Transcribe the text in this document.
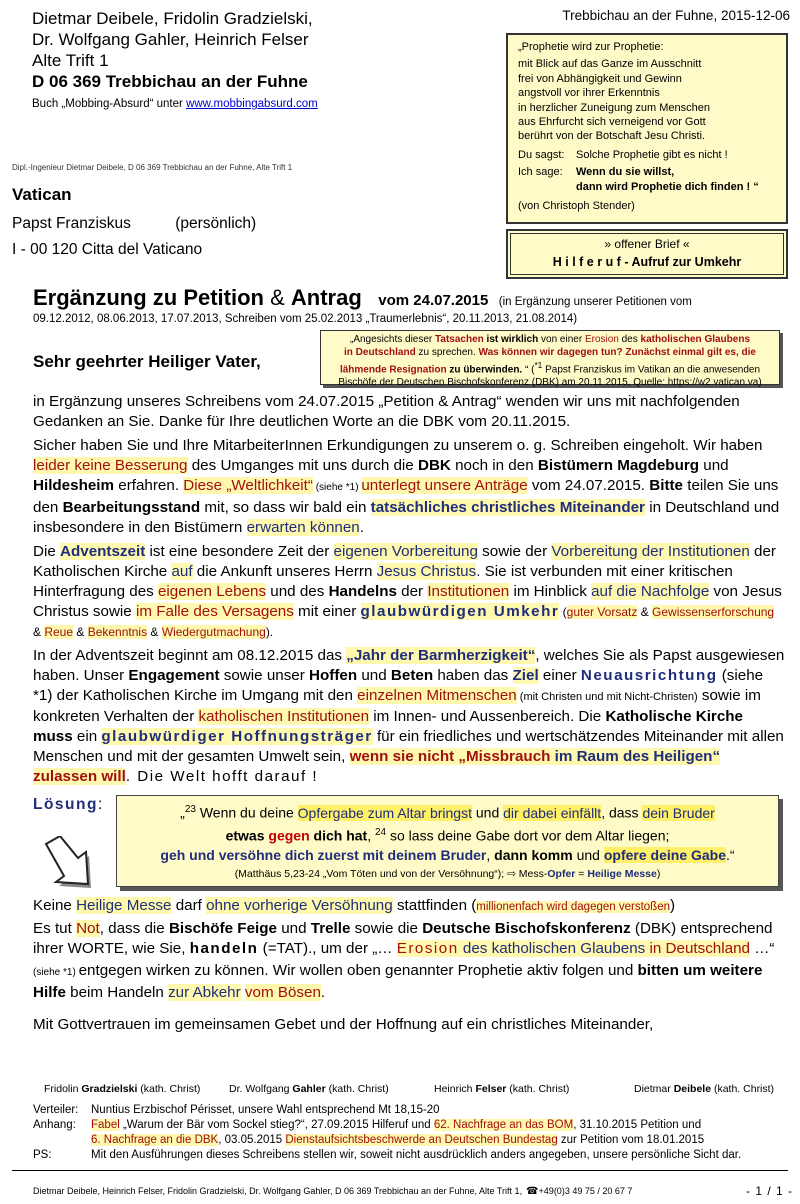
Dietmar Deibele, Fridolin Gradzielski,
Dr. Wolfgang Gahler, Heinrich Felser
Alte Trift 1
D 06 369 Trebbichau an der Fuhne
Buch „Mobbing-Absurd“ unter www.mobbingabsurd.com
Trebbichau an der Fuhne, 2015-12-06
Dipl.-Ingenieur Dietmar Deibele, D 06 369 Trebbichau an der Fuhne, Alte Trift 1
„Prophetie wird zur Prophetie:
mit Blick auf das Ganze im Ausschnitt
frei von Abhängigkeit und Gewinn
angstvoll vor ihrer Erkenntnis
in herzlicher Zuneigung zum Menschen
aus Ehrfurcht sich verneigend vor Gott
berührt von der Botschaft Jesu Christi.
Du sagst:	Solche Prophetie gibt es nicht !
Ich sage:	Wenn du sie willst,
dann wird Prophetie dich finden ! “
(von Christoph Stender)
» offener Brief «
H i l f e r u f - Aufruf zur Umkehr
Vatican
Papst Franziskus	(persönlich)
I - 00 120 Citta del Vaticano
Ergänzung zu Petition & Antrag vom 24.07.2015 (in Ergänzung unserer Petitionen vom
09.12.2012, 08.06.2013, 17.07.2013, Schreiben vom 25.02.2013 „Traumerlebnis“, 20.11.2013, 21.08.2014)
Sehr geehrter Heiliger Vater,
„Angesichts dieser Tatsachen ist wirklich von einer Erosion des katholischen Glaubens
in Deutschland zu sprechen. Was können wir dagegen tun? Zunächst einmal gilt es, die
lähmende Resignation zu überwinden. “ ($^{*1}$ Papst Franziskus im Vatikan an die anwesenden
Bischöfe der Deutschen Bischofskonferenz (DBK) am 20.11.2015, Quelle: https://w2.vatican.va)

in Ergänzung unseres Schreibens vom 24.07.2015 „Petition & Antrag“ wenden wir uns mit nachfolgenden Gedanken an Sie. Danke für Ihre deutlichen Worte an die DBK vom 20.11.2015.

Sicher haben Sie und Ihre MitarbeiterInnen Erkundigungen zu unserem o. g. Schreiben eingeholt. Wir haben leider keine Besserung des Umganges mit uns durch die DBK noch in den Bistümern Magdeburg und Hildesheim erfahren. Diese „Weltlichkeit“ (siehe *1) unterlegt unsere Anträge vom 24.07.2015. Bitte teilen Sie uns den Bearbeitungsstand mit, so dass wir bald ein tatsächliches christliches Miteinander in Deutschland und insbesondere in den Bistümern erwarten können.

Die Adventszeit ist eine besondere Zeit der eigenen Vorbereitung sowie der Vorbereitung der Institutionen der Katholischen Kirche auf die Ankunft unseres Herrn Jesus Christus. Sie ist verbunden mit einer kritischen Hinterfragung des eigenen Lebens und des Handelns der Institutionen im Hinblick auf die Nachfolge von Jesus Christus sowie im Falle des Versagens mit einer glaubwürdigen Umkehr (guter Vorsatz & Gewissenserforschung & Reue & Bekenntnis & Wiedergutmachung).

In der Adventszeit beginnt am 08.12.2015 das „Jahr der Barmherzigkeit“, welches Sie als Papst ausgewiesen haben. Unser Engagement sowie unser Hoffen und Beten haben das Ziel einer Neuausrichtung (siehe *1) der Katholischen Kirche im Umgang mit den einzelnen Mitmenschen (mit Christen und mit Nicht-Christen) sowie im konkreten Verhalten der katholischen Institutionen im Innen- und Aussenbereich. Die Katholische Kirche muss ein glaubwürdiger Hoffnungsträger für ein friedliches und wertschätzendes Miteinander mit allen Menschen und mit der gesamten Umwelt sein, wenn sie nicht „Missbrauch im Raum des Heiligen“ zulassen will. Die Welt hofft darauf !

Lösung:	„$^{23}$ Wenn du deine Opfergabe zum Altar bringst und dir dabei einfällt, dass dein Bruder
etwas gegen dich hat, $^{24}$ so lass deine Gabe dort vor dem Altar liegen;
geh und versöhne dich zuerst mit deinem Bruder, dann komm und opfere deine Gabe.“
(Matthäus 5,23-24 „Vom Töten und von der Versöhnung“); ⇨ Mess-Opfer = Heilige Messe)

Keine Heilige Messe darf ohne vorherige Versöhnung stattfinden (millionenfach wird dagegen verstoßen)

Es tut Not, dass die Bischöfe Feige und Trelle sowie die Deutsche Bischofskonferenz (DBK) entsprechend ihrer WORTE, wie Sie, handeln (=TAT)., um der „… Erosion des katholischen Glaubens in Deutschland …“ (siehe *1) entgegen wirken zu können. Wir wollen oben genannter Prophetie aktiv folgen und bitten um weitere Hilfe beim Handeln zur Abkehr vom Bösen.

Mit Gottvertrauen im gemeinsamen Gebet und der Hoffnung auf ein christliches Miteinander,

Fridolin Gradzielski (kath. Christ)	Dr. Wolfgang Gahler (kath. Christ)	Heinrich Felser (kath. Christ)	Dietmar Deibele (kath. Christ)
Verteiler:	Nuntius Erzbischof Périsset, unsere Wahl entsprechend Mt 18,15-20
Anhang:	Fabel „Warum der Bär vom Sockel stieg?“, 27.09.2015 Hilferuf und 62. Nachfrage an das BOM, 31.10.2015 Petition und
6. Nachfrage an die DBK, 03.05.2015 Dienstaufsichtsbeschwerde an Deutschen Bundestag zur Petition vom 18.01.2015
PS:	Mit den Ausführungen dieses Schreibens stellen wir, soweit nicht ausdrücklich anders angegeben, unsere persönliche Sicht dar.
Dietmar Deibele, Heinrich Felser, Fridolin Gradzielski, Dr. Wolfgang Gahler, D 06 369 Trebbichau an der Fuhne, Alte Trift 1, ☎ +49(0)3 49 75 / 20 67 7	- 1 / 1 -
